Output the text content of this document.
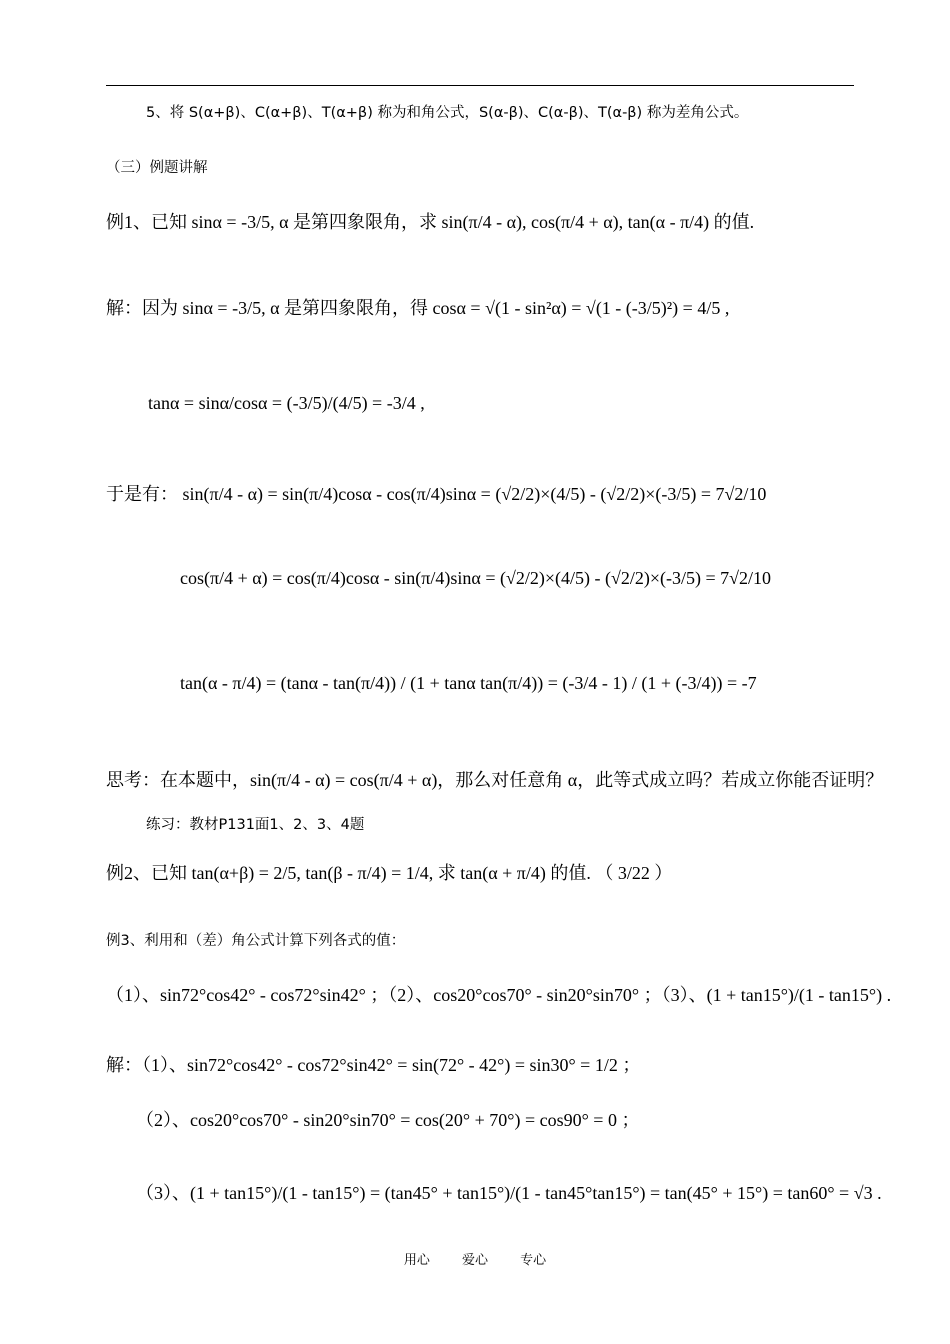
5、将 S(α+β)、C(α+β)、T(α+β) 称为和角公式，S(α-β)、C(α-β)、T(α-β) 称为差角公式。
（三）例题讲解
例1、已知 sinα = -3/5, α 是第四象限角，求 sin(π/4 - α), cos(π/4 + α), tan(α - π/4) 的值.
解：因为 sinα = -3/5, α 是第四象限角，得 cosα = √(1 - sin²α) = √(1 - (-3/5)²) = 4/5 ,
tanα = sinα/cosα = (-3/5)/(4/5) = -3/4 ,
于是有： sin(π/4 - α) = sin(π/4)cosα - cos(π/4)sinα = (√2/2)×(4/5) - (√2/2)×(-3/5) = 7√2/10
cos(π/4 + α) = cos(π/4)cosα - sin(π/4)sinα = (√2/2)×(4/5) - (√2/2)×(-3/5) = 7√2/10
tan(α - π/4) = (tanα - tan(π/4)) / (1 + tanα tan(π/4)) = (-3/4 - 1) / (1 + (-3/4)) = -7
思考：在本题中，sin(π/4 - α) = cos(π/4 + α)，那么对任意角 α，此等式成立吗？若成立你能否证明？
练习：教材P131面1、2、3、4题
例2、已知 tan(α+β) = 2/5, tan(β - π/4) = 1/4, 求 tan(α + π/4) 的值. （ 3/22 ）
例3、利用和（差）角公式计算下列各式的值：
（1）、sin72°cos42° - cos72°sin42° ；（2）、cos20°cos70° - sin20°sin70° ；（3）、(1 + tan15°)/(1 - tan15°) .
解：（1）、sin72°cos42° - cos72°sin42° = sin(72° - 42°) = sin30° = 1/2 ；
（2）、cos20°cos70° - sin20°sin70° = cos(20° + 70°) = cos90° = 0 ；
（3）、(1 + tan15°)/(1 - tan15°) = (tan45° + tan15°)/(1 - tan45°tan15°) = tan(45° + 15°) = tan60° = √3 .
用心 爱心 专心
